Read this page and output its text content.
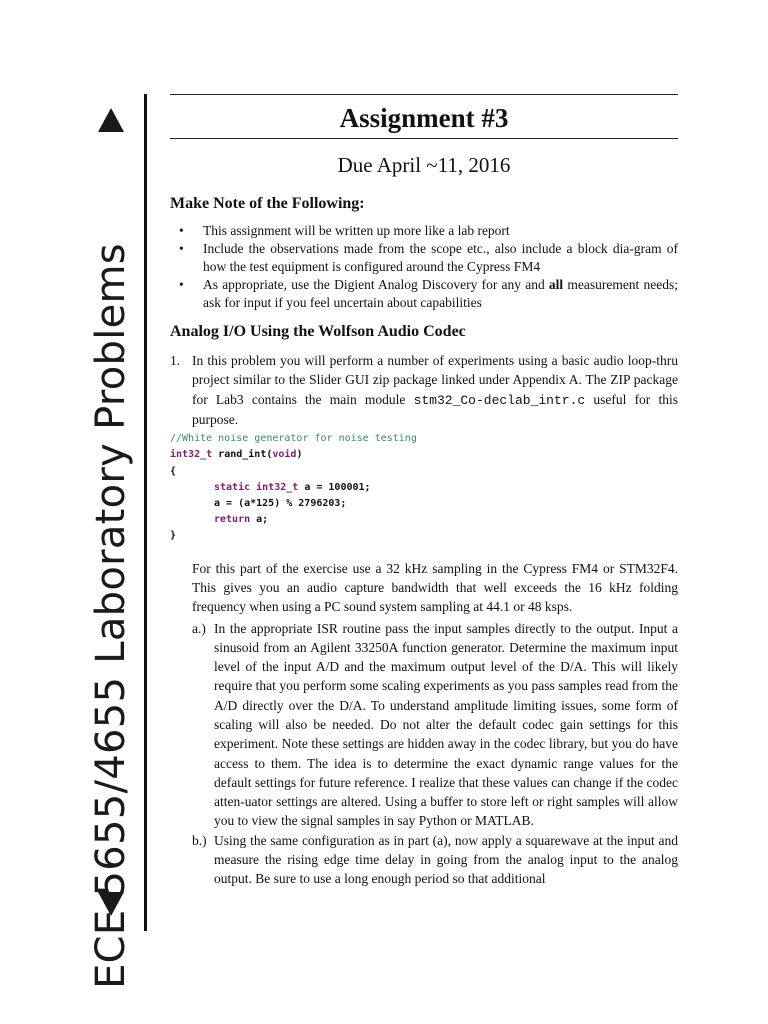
ECE 5655/4655 Laboratory Problems
Assignment #3
Due April ~11, 2016
Make Note of the Following:
• This assignment will be written up more like a lab report
• Include the observations made from the scope etc., also include a block dia-gram of how the test equipment is configured around the Cypress FM4
• As appropriate, use the Digient Analog Discovery for any and all measurement needs; ask for input if you feel uncertain about capabilities
Analog I/O Using the Wolfson Audio Codec
1. In this problem you will perform a number of experiments using a basic audio loop-thru project similar to the Slider GUI zip package linked under Appendix A. The ZIP package for Lab3 contains the main module stm32_Co-declab_intr.c useful for this purpose.
//White noise generator for noise testing
int32_t rand_int(void)
{
static int32_t a = 100001;
a = (a*125) % 2796203;
return a;
}
For this part of the exercise use a 32 kHz sampling in the Cypress FM4 or STM32F4. This gives you an audio capture bandwidth that well exceeds the 16 kHz folding frequency when using a PC sound system sampling at 44.1 or 48 ksps.
a.) In the appropriate ISR routine pass the input samples directly to the output. Input a sinusoid from an Agilent 33250A function generator. Determine the maximum input level of the input A/D and the maximum output level of the D/A. This will likely require that you perform some scaling experiments as you pass samples read from the A/D directly over the D/A. To understand amplitude limiting issues, some form of scaling will also be needed. Do not alter the default codec gain settings for this experiment. Note these settings are hidden away in the codec library, but you do have access to them. The idea is to determine the exact dynamic range values for the default settings for future reference. I realize that these values can change if the codec atten-uator settings are altered. Using a buffer to store left or right samples will allow you to view the signal samples in say Python or MATLAB.
b.) Using the same configuration as in part (a), now apply a squarewave at the input and measure the rising edge time delay in going from the analog input to the analog output. Be sure to use a long enough period so that additional
